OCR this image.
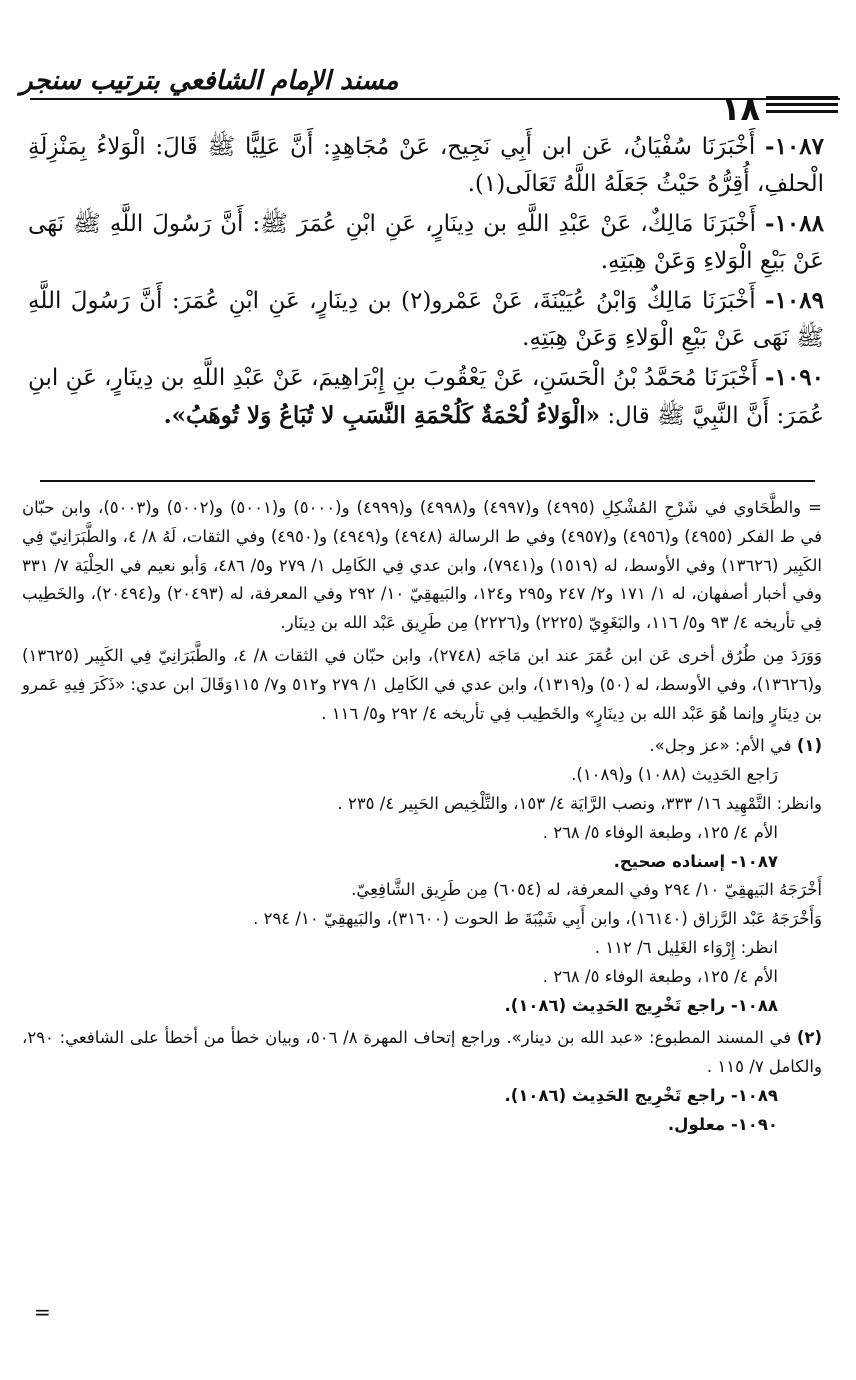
مسند الإمام الشافعي بترتيب سنجر
١٨

١٠٨٧- أَخْبَرَنَا سُفْيَانُ، عَن ابن أَبِي نَجِيح، عَنْ مُجَاهِدٍ: أَنَّ عَلِيًّا ﷺ قَالَ: الْوَلاءُ بِمَنْزِلَةِ الْحلفِ، أُقِرُّهُ حَيْثُ جَعَلَهُ اللَّهُ تَعَالَى(١).

١٠٨٨- أَخْبَرَنَا مَالِكٌ، عَنْ عَبْدِ اللَّهِ بن دِينَارٍ، عَنِ ابْنِ عُمَرَ ﷺ: أَنَّ رَسُولَ اللَّهِ ﷺ نَهَى عَنْ بَيْعِ الْوَلاءِ وَعَنْ هِبَتِهِ.

١٠٨٩- أَخْبَرَنَا مَالِكٌ وَابْنُ عُيَيْنَةَ، عَنْ عَمْرو(٢) بن دِينَارٍ، عَنِ ابْنِ عُمَرَ: أَنَّ رَسُولَ اللَّهِ ﷺ نَهَى عَنْ بَيْعِ الْوَلاءِ وَعَنْ هِبَتِهِ.

١٠٩٠- أَخْبَرَنَا مُحَمَّدُ بْنُ الْحَسَنِ، عَنْ يَعْقُوبَ بنِ إِبْرَاهِيمَ، عَنْ عَبْدِ اللَّهِ بن دِينَارٍ، عَنِ ابنِ عُمَرَ: أَنَّ النَّبِيَّ ﷺ قال: «الْوَلاءُ لُحْمَةٌ كَلُحْمَةِ النَّسَبِ لا تُبَاعُ وَلا تُوهَبُ».

= والطَّحَاوي في شَرْحِ المُشْكِلِ (٤٩٩٥) و(٤٩٩٧) و(٤٩٩٨) و(٤٩٩٩) و(٥٠٠٠) و(٥٠٠١) و(٥٠٠٢) و(٥٠٠٣)، وابن حبّان في ط الفكر (٤٩٥٥) و(٤٩٥٦) و(٤٩٥٧) وفي ط الرسالة (٤٩٤٨) و(٤٩٤٩) و(٤٩٥٠) وفي الثقات، لَهُ ٨/ ٤، والطَّبَرَانِيّ فِي الكَبِير (١٣٦٢٦) وفي الأوسط، له (١٥١٩) و(٧٩٤١)، وابن عدي فِي الكَامِل ١/ ٢٧٩ و٥/ ٤٨٦، وَأبو نعيم في الحِلْيَة ٧/ ٣٣١ وفي أخبار أصفهان، له ١/ ١٧١ و٢/ ٢٤٧ و٢٩٥ و١٢٤، والبَيهقِيّ ١٠/ ٢٩٢ وفي المعرفة، له (٢٠٤٩٣) و(٢٠٤٩٤)، والخَطِيب فِي تأريخه ٤/ ٩٣ و٥/ ١١٦، والبَغَوِيّ (٢٢٢٥) و(٢٢٢٦) مِن طَرِيق عَبْد الله بن دِينَار.

وَوَرَدَ مِن طُرُق أخرى عَن ابن عُمَرَ عند ابن مَاجَه (٢٧٤٨)، وابن حبّان في الثقات ٨/ ٤، والطَّبَرَانِيّ فِي الكَبِير (١٣٦٢٥) و(١٣٦٢٦)، وفي الأوسط، له (٥٠) و(١٣١٩)، وابن عدي في الكَامِل ١/ ٢٧٩ و٥١٢ و٧/ ١١٥وَقَالَ ابن عدي: «ذَكَرَ فِيهِ عَمرو بن دِينَارٍ وإنما هُوَ عَبْد الله بن دِينَارٍ» والخَطِيب فِي تأريخه ٤/ ٢٩٢ و٥/ ١١٦ .

(١) في الأم: «عز وجل».

رَاجع الحَدِيث (١٠٨٨) و(١٠٨٩).

وانظر: التَّمْهِيد ١٦/ ٣٣٣، ونصب الرَّايَة ٤/ ١٥٣، والتَّلْخِيص الحَبِير ٤/ ٢٣٥ .

الأم ٤/ ١٢٥، وطبعة الوفاء ٥/ ٢٦٨ .

١٠٨٧- إسناده صحيح.

أَخْرَجَهُ البَيهقِيّ ١٠/ ٢٩٤ وفي المعرفة، له (٦٠٥٤) مِن طَرِيق الشَّافِعِيّ.

وَأَخْرَجَهُ عَبْد الرَّزاق (١٦١٤٠)، وابن أَبِي شَيْبَةَ ط الحوت (٣١٦٠٠)، والبَيهقِيّ ١٠/ ٢٩٤ .

انظر: إِرْوَاء الغَلِيل ٦/ ١١٢ .

الأم ٤/ ١٢٥، وطبعة الوفاء ٥/ ٢٦٨ .

١٠٨٨- راجع تَخْرِيج الحَدِيث (١٠٨٦).

(٢) في المسند المطبوع: «عبد الله بن دينار». وراجع إتحاف المهرة ٨/ ٥٠٦، وبيان خطأ من أخطأ على الشافعي: ٢٩٠، والكامل ٧/ ١١٥ .

١٠٨٩- راجع تَخْرِيج الحَدِيث (١٠٨٦).

١٠٩٠- معلول.

=
